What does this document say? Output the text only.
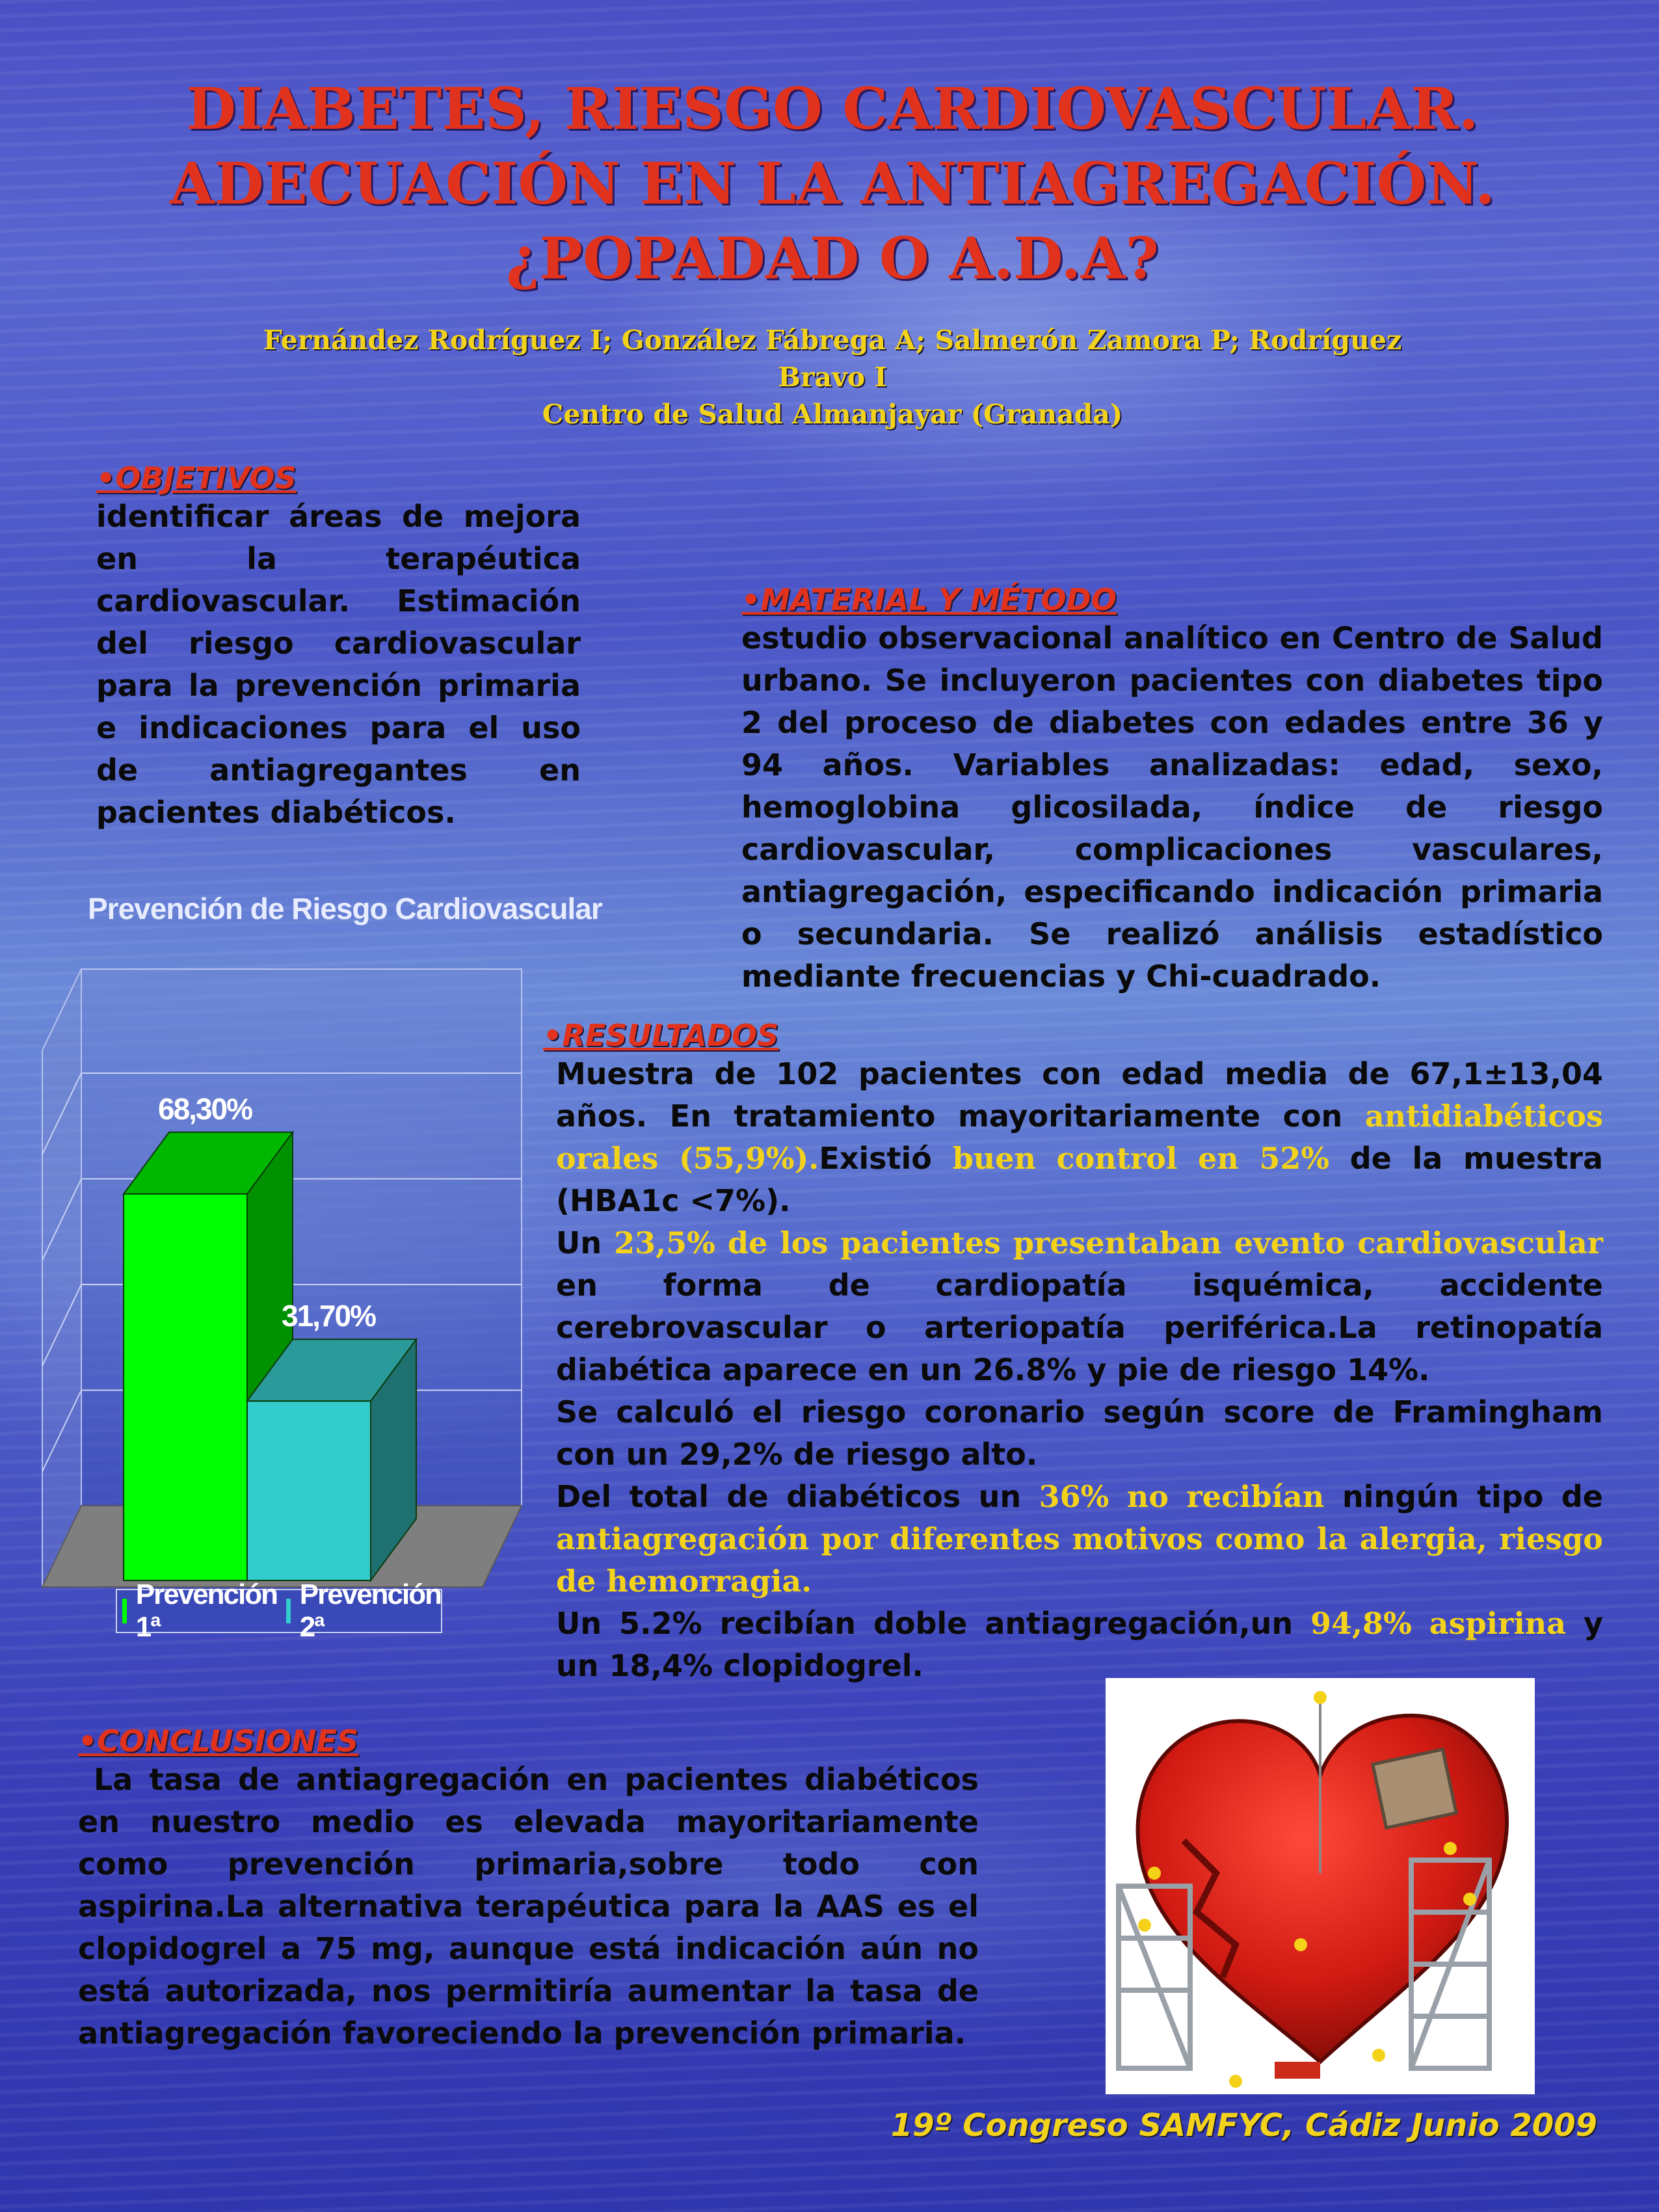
DIABETES, RIESGO CARDIOVASCULAR.
ADECUACIÓN EN LA ANTIAGREGACIÓN.
¿POPADAD O A.D.A?
Fernández Rodríguez I; González Fábrega A; Salmerón Zamora P; Rodríguez
Bravo I
Centro de Salud Almanjayar (Granada)
•OBJETIVOS
identificar áreas de mejora en la terapéutica cardiovascular. Estimación del riesgo cardiovascular para la prevención primaria e indicaciones para el uso de antiagregantes en pacientes diabéticos.
•MATERIAL Y MÉTODO
estudio observacional analítico en Centro de Salud urbano. Se incluyeron pacientes con diabetes tipo 2 del proceso de diabetes con edades entre 36 y 94 años. Variables analizadas: edad, sexo, hemoglobina glicosilada, índice de riesgo cardiovascular, complicaciones vasculares, antiagregación, especificando indicación primaria o secundaria. Se realizó análisis estadístico mediante frecuencias y Chi-cuadrado.
Prevención de Riesgo Cardiovascular
68,30%
31,70%
Prevención 1ª
Prevención 2ª
•RESULTADOS
Muestra de 102 pacientes con edad media de 67,1±13,04 años. En tratamiento mayoritariamente con antidiabéticos orales (55,9%).Existió buen control en 52% de la muestra (HBA1c <7%).
Un 23,5% de los pacientes presentaban evento cardiovascular en forma de cardiopatía isquémica, accidente cerebrovascular o arteriopatía periférica.La retinopatía diabética aparece en un 26.8% y pie de riesgo 14%.
Se calculó el riesgo coronario según score de Framingham con un 29,2% de riesgo alto.
Del total de diabéticos un 36% no recibían ningún tipo de antiagregación por diferentes motivos como la alergia, riesgo de hemorragia.
Un 5.2% recibían doble antiagregación,un 94,8% aspirina y un 18,4% clopidogrel.
•CONCLUSIONES
La tasa de antiagregación en pacientes diabéticos en nuestro medio es elevada mayoritariamente como prevención primaria,sobre todo con aspirina.La alternativa terapéutica para la AAS es el clopidogrel a 75 mg, aunque está indicación aún no está autorizada, nos permitiría aumentar la tasa de antiagregación favoreciendo la prevención primaria.
19º Congreso SAMFYC, Cádiz Junio 2009
